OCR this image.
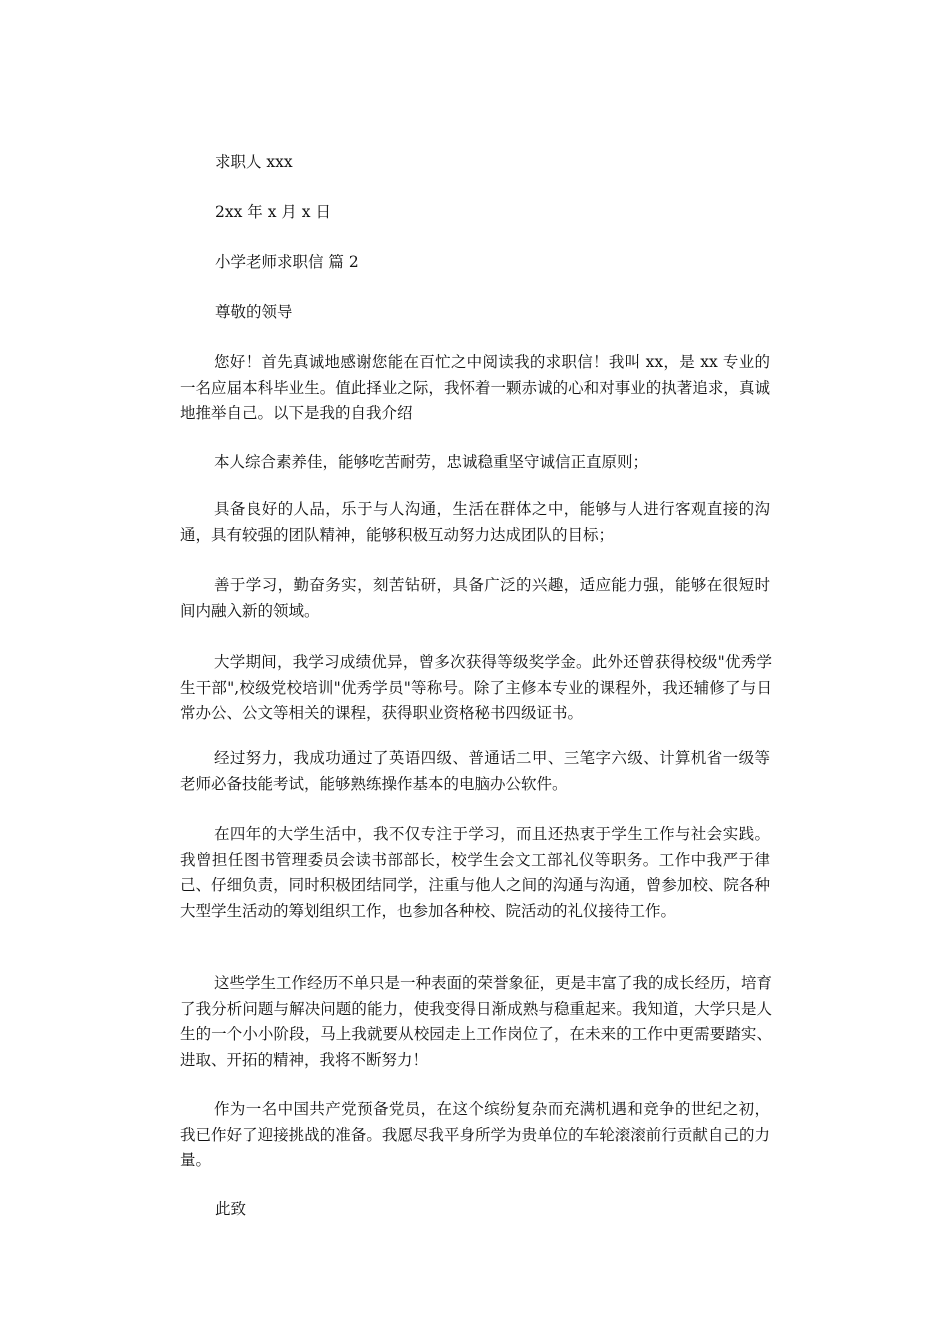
求职人 xxx
2xx 年 x 月 x 日
小学老师求职信 篇 2
尊敬的领导

您好！首先真诚地感谢您能在百忙之中阅读我的求职信！我叫 xx，是 xx 专业的一名应届本科毕业生。值此择业之际，我怀着一颗赤诚的心和对事业的执著追求，真诚地推举自己。以下是我的自我介绍

本人综合素养佳，能够吃苦耐劳，忠诚稳重坚守诚信正直原则；

具备良好的人品，乐于与人沟通，生活在群体之中，能够与人进行客观直接的沟通，具有较强的团队精神，能够积极互动努力达成团队的目标；

善于学习，勤奋务实，刻苦钻研，具备广泛的兴趣，适应能力强，能够在很短时间内融入新的领域。

大学期间，我学习成绩优异，曾多次获得等级奖学金。此外还曾获得校级"优秀学生干部",校级党校培训"优秀学员"等称号。除了主修本专业的课程外，我还辅修了与日常办公、公文等相关的课程，获得职业资格秘书四级证书。

经过努力，我成功通过了英语四级、普通话二甲、三笔字六级、计算机省一级等老师必备技能考试，能够熟练操作基本的电脑办公软件。

在四年的大学生活中，我不仅专注于学习，而且还热衷于学生工作与社会实践。我曾担任图书管理委员会读书部部长，校学生会文工部礼仪等职务。工作中我严于律己、仔细负责，同时积极团结同学，注重与他人之间的沟通与沟通，曾参加校、院各种大型学生活动的筹划组织工作，也参加各种校、院活动的礼仪接待工作。

这些学生工作经历不单只是一种表面的荣誉象征，更是丰富了我的成长经历，培育了我分析问题与解决问题的能力，使我变得日渐成熟与稳重起来。我知道，大学只是人生的一个小小阶段，马上我就要从校园走上工作岗位了，在未来的工作中更需要踏实、进取、开拓的精神，我将不断努力！

作为一名中国共产党预备党员，在这个缤纷复杂而充满机遇和竞争的世纪之初，我已作好了迎接挑战的准备。我愿尽我平身所学为贵单位的车轮滚滚前行贡献自己的力量。

此致
